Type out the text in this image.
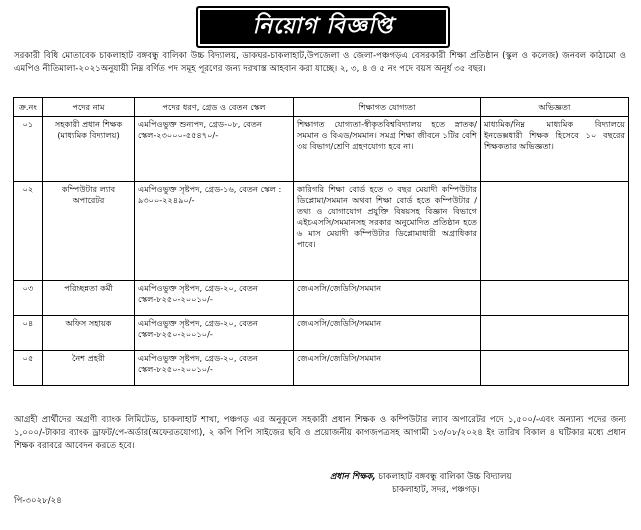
নিয়োগ বিজ্ঞপ্তি
সরকারী বিধি মোতাবেক চাকলাহাট বঙ্গবন্ধু বালিকা উচ্চ বিদ্যালয়, ডাকঘর-চাকলাহাট,উপজেলা ও জেলা-পঞ্চগড়এ বেসরকারী শিক্ষা প্রতিষ্ঠান (স্কুল ও কলেজ) জনবল কাঠামো ও এমপিও নীতিমালা-২০২১অনুযায়ী নিম্ন বর্ণিত পদ সমূহ পূরণের জন্য দরখাস্ত আহবান করা যাচ্ছে। ২, ৩, ৪ ও ৫ নং পদে বয়স অনূর্ধ ৩৫ বছর।
ক্র.নং	পদের নাম	পদের ধরণ, গ্রেড ও বেতন স্কেল	শিক্ষাগত যোগ্যতা	অভিজ্ঞতা
০১	সহকারী প্রধান শিক্ষক (মাধ্যমিক বিদ্যালয়)	এমপিওভুক্ত শুন্যপদ, গ্রেড-০৮, বেতন স্কেল-২৩০০০-৫৫৪৭০/-	শিক্ষাগত যোগ্যতা-স্বীকৃতবিশ্ববিদ্যালয় হতে স্নাতক/সমমান ও বিএড/সমমান। সমগ্র শিক্ষা জীবনে ১টির বেশি ৩য় বিভাগ/শ্রেণি গ্রহণযোগ্য হবে না।	মাধ্যমিক/নিম্ন মাধ্যমিক বিদ্যালয়ে ইনডেক্সধারী শিক্ষক হিসেবে ১০ বছরের শিক্ষকতার অভিজ্ঞতা।
০২	কম্পিউটার ল্যাব অপারেটর	এমপিওভুক্ত সৃষ্টপদ, গ্রেড-১৬, বেতন স্কেল : ৯৩০০-২২৪৯০/-	কারিগরি শিক্ষা বোর্ড হতে ৩ বছর মেয়াদী কম্পিউটার ডিপ্লোমা/সমমান অথবা শিক্ষা বোর্ড হতে কম্পিউটার /তথ্য ও যোগাযোগ প্রযুক্তি বিষয়সহ বিজ্ঞান বিভাগে এইচএসসি/সমমানসহ সরকার অনুমোদিত প্রতিষ্ঠান হতে ৬ মাস মেয়াদী কম্পিউটার ডিপ্লোমাধারী অগ্রাধিকার পাবে।	
০৩	পরিচ্ছন্নতা কর্মী	এমপিওভুক্ত সৃষ্টপদ, গ্রেড-২০, বেতন স্কেল-৮২৫০-২০০১০/-	জেএসসি/জেডিসি/সমমান	
০৪	অফিস সহায়ক	এমপিওভুক্ত সৃষ্টপদ, গ্রেড-২০, বেতন স্কেল-৮২৫০-২০০১০/-	জেএসসি/জেডিসি/সমমান	
০৫	নৈশ প্রহরী	এমপিওভুক্ত সৃষ্টপদ, গ্রেড-২০, বেতন স্কেল-৮২৫০-২০০১০/-	জেএসসি/জেডিসি/সমমান	
আগ্রহী প্রার্থীদের অগ্রণী ব্যাংক লিমিটেড, চাকলাহাট শাখা, পঞ্চগড় এর অনুকূলে সহকারী প্রধান শিক্ষক ও কম্পিউটার ল্যাব অপারেটর পদে ১,৫০০/-এবং অন্যান্য পদের জন্য ১,০০০/-টাকার ব্যাংক ড্রাফট/পে-অর্ডার(অফেরতযোগ্য), ২ কপি পিপি সাইজের ছবি ও প্রয়োজনীয় কাগজপত্রসহ আগামী ১৩/০৮/২০২৪ ইং তারিখ বিকাল ৪ ঘটিকার মধ্যে প্রধান শিক্ষক বরাবরে আবেদন করতে হবে।
প্রধান শিক্ষক, চাকলাহাট বঙ্গবন্ধু বালিকা উচ্চ বিদ্যালয়
চাকলাহাট, সদর, পঞ্চগড়।
পি-৩০২৮/২৪
